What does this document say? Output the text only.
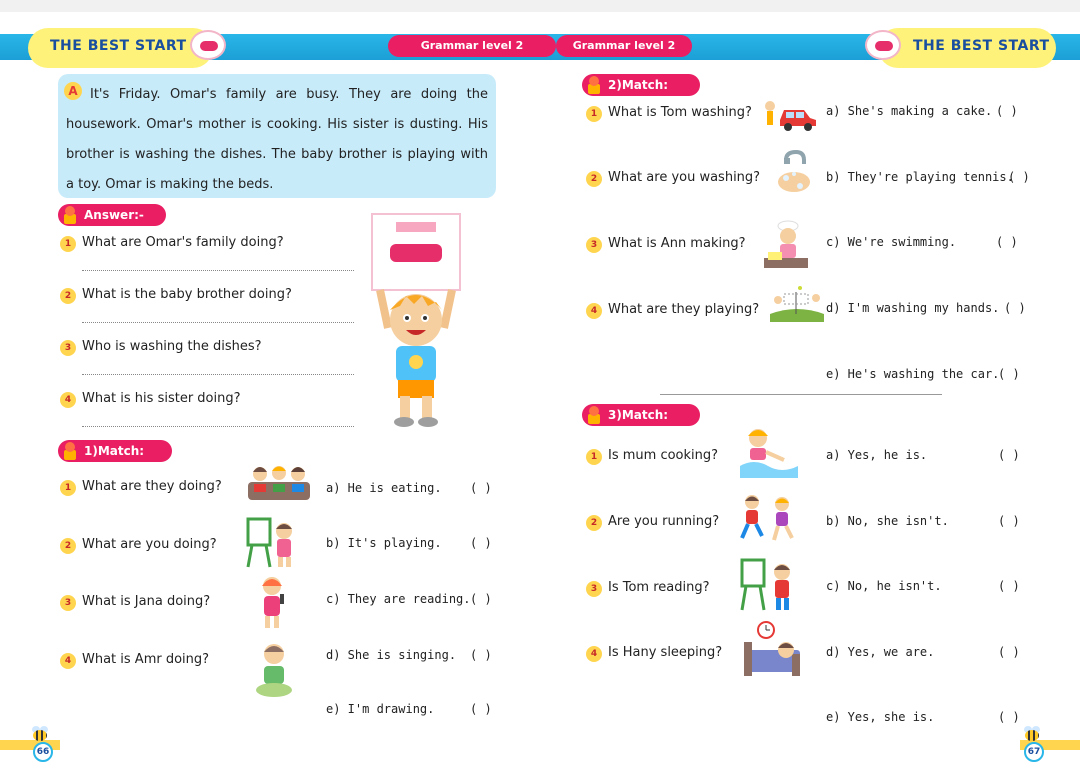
THE BEST START	THE BEST START
Grammar level 2	Grammar level 2

It's Friday. Omar's family are busy. They are doing the housework. Omar's mother is cooking. His sister is dusting. His brother is washing the dishes. The baby brother is playing with a toy. Omar is making the beds.

A
Answer:-
1 What are Omar's family doing?
2 What is the baby brother doing?
3 Who is washing the dishes?
4 What is his sister doing?
1)Match:
1 What are they doing?
2 What are you doing?
3 What is Jana doing?
4 What is Amr doing?
a) He is eating. ( )
b) It's playing. ( )
c) They are reading. ( )
d) She is singing. ( )
e) I'm drawing.	( )
2)Match:
1 What is Tom washing?
2 What are you washing?
3 What is Ann making?
4 What are they playing?
a) She's making a cake. ( )
b) They're playing tennis.
( )
c) We're swimming.	( )
d) I'm washing my hands. ( )
e) He's washing the car.
( )
3)Match:
1 Is mum cooking?
2 Are you running?
3 Is Tom reading?
4 Is Hany sleeping?
a) Yes, he is.	( )
b) No, she isn't.	( )
c) No, he isn't.	( )
d) Yes, we are.	( )
e) Yes, she is.	( )
66	67
